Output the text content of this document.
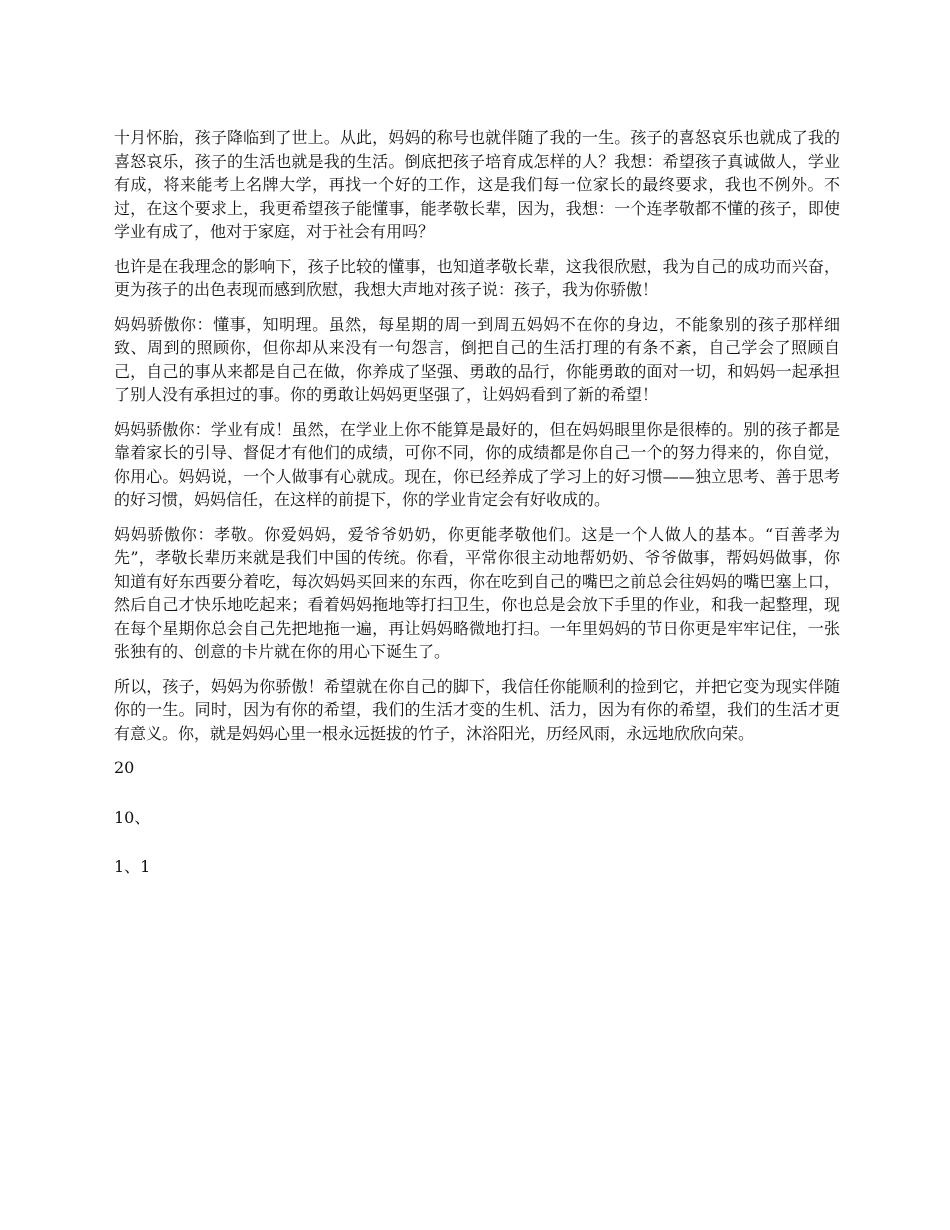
十月怀胎，孩子降临到了世上。从此，妈妈的称号也就伴随了我的一生。孩子的喜怒哀乐也就成了我的喜怒哀乐，孩子的生活也就是我的生活。倒底把孩子培育成怎样的人？我想：希望孩子真诚做人，学业有成，将来能考上名牌大学，再找一个好的工作，这是我们每一位家长的最终要求，我也不例外。不过，在这个要求上，我更希望孩子能懂事，能孝敬长辈，因为，我想：一个连孝敬都不懂的孩子，即使学业有成了，他对于家庭，对于社会有用吗？

也许是在我理念的影响下，孩子比较的懂事，也知道孝敬长辈，这我很欣慰，我为自己的成功而兴奋，更为孩子的出色表现而感到欣慰，我想大声地对孩子说：孩子，我为你骄傲！

妈妈骄傲你：懂事，知明理。虽然，每星期的周一到周五妈妈不在你的身边，不能象别的孩子那样细致、周到的照顾你，但你却从来没有一句怨言，倒把自己的生活打理的有条不紊，自己学会了照顾自己，自己的事从来都是自己在做，你养成了坚强、勇敢的品行，你能勇敢的面对一切，和妈妈一起承担了别人没有承担过的事。你的勇敢让妈妈更坚强了，让妈妈看到了新的希望！

妈妈骄傲你：学业有成！虽然，在学业上你不能算是最好的，但在妈妈眼里你是很棒的。别的孩子都是靠着家长的引导、督促才有他们的成绩，可你不同，你的成绩都是你自己一个的努力得来的，你自觉，你用心。妈妈说，一个人做事有心就成。现在，你已经养成了学习上的好习惯——独立思考、善于思考的好习惯，妈妈信任，在这样的前提下，你的学业肯定会有好收成的。

妈妈骄傲你：孝敬。你爱妈妈，爱爷爷奶奶，你更能孝敬他们。这是一个人做人的基本。“百善孝为先”，孝敬长辈历来就是我们中国的传统。你看，平常你很主动地帮奶奶、爷爷做事，帮妈妈做事，你知道有好东西要分着吃，每次妈妈买回来的东西，你在吃到自己的嘴巴之前总会往妈妈的嘴巴塞上口，然后自己才快乐地吃起来；看着妈妈拖地等打扫卫生，你也总是会放下手里的作业，和我一起整理，现在每个星期你总会自己先把地拖一遍，再让妈妈略微地打扫。一年里妈妈的节日你更是牢牢记住，一张张独有的、创意的卡片就在你的用心下诞生了。

所以，孩子，妈妈为你骄傲！希望就在你自己的脚下，我信任你能顺利的捡到它，并把它变为现实伴随你的一生。同时，因为有你的希望，我们的生活才变的生机、活力，因为有你的希望，我们的生活才更有意义。你，就是妈妈心里一根永远挺拔的竹子，沐浴阳光，历经风雨，永远地欣欣向荣。

20

10、

1、1
